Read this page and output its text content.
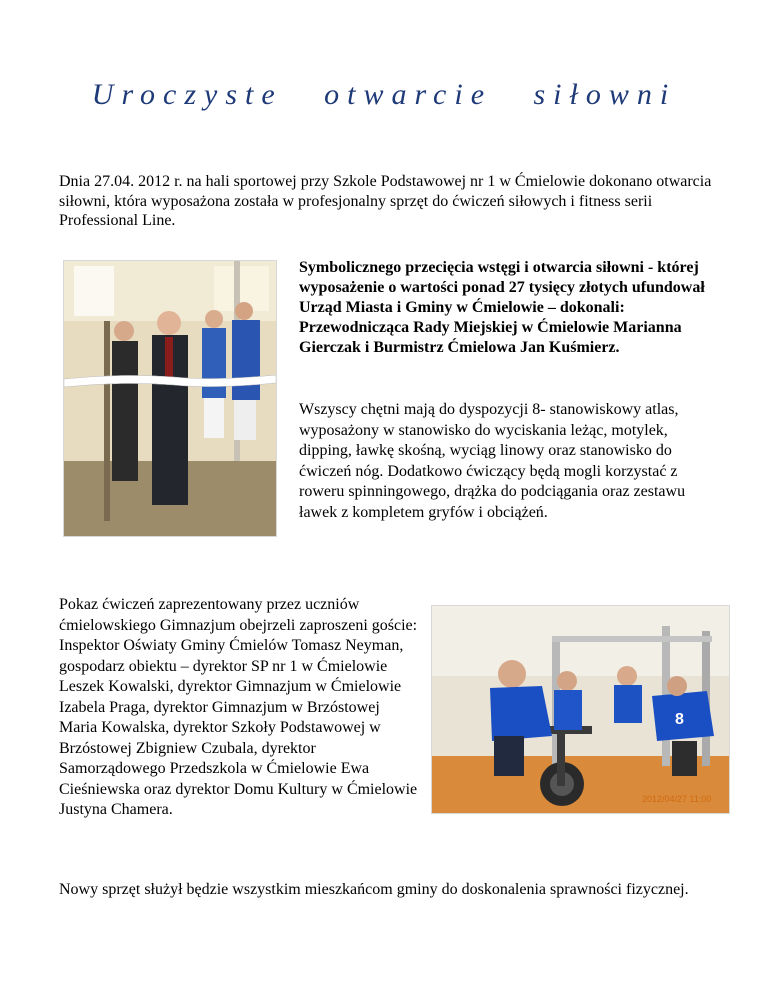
Uroczyste otwarcie siłowni
Dnia 27.04. 2012 r. na hali sportowej przy Szkole Podstawowej nr 1 w Ćmielowie dokonano otwarcia siłowni, która wyposażona została w profesjonalny sprzęt do ćwiczeń siłowych i fitness serii Professional Line.
Symbolicznego przecięcia wstęgi i otwarcia siłowni - której wyposażenie o wartości ponad 27 tysięcy złotych ufundował Urząd Miasta i Gminy w Ćmielowie – dokonali: Przewodnicząca Rady Miejskiej w Ćmielowie Marianna Gierczak i Burmistrz Ćmielowa Jan Kuśmierz.
Wszyscy chętni mają do dyspozycji 8- stanowiskowy atlas, wyposażony w stanowisko do wyciskania leżąc, motylek, dipping, ławkę skośną, wyciąg linowy oraz stanowisko do ćwiczeń nóg. Dodatkowo ćwiczący będą mogli korzystać z roweru spinningowego, drążka do podciągania oraz zestawu ławek z kompletem gryfów i obciążeń.
Pokaz ćwiczeń zaprezentowany przez uczniów ćmielowskiego Gimnazjum obejrzeli zaproszeni goście: Inspektor Oświaty Gminy Ćmielów Tomasz Neyman, gospodarz obiektu – dyrektor SP nr 1 w Ćmielowie Leszek Kowalski, dyrektor Gimnazjum w Ćmielowie Izabela Praga, dyrektor Gimnazjum w Brzóstowej Maria Kowalska, dyrektor Szkoły Podstawowej w Brzóstowej Zbigniew Czubala, dyrektor Samorządowego Przedszkola w Ćmielowie Ewa Cieśniewska oraz dyrektor Domu Kultury w Ćmielowie Justyna Chamera.
8
2012/04/27 11:00
Nowy sprzęt służył będzie wszystkim mieszkańcom gminy do doskonalenia sprawności fizycznej.
